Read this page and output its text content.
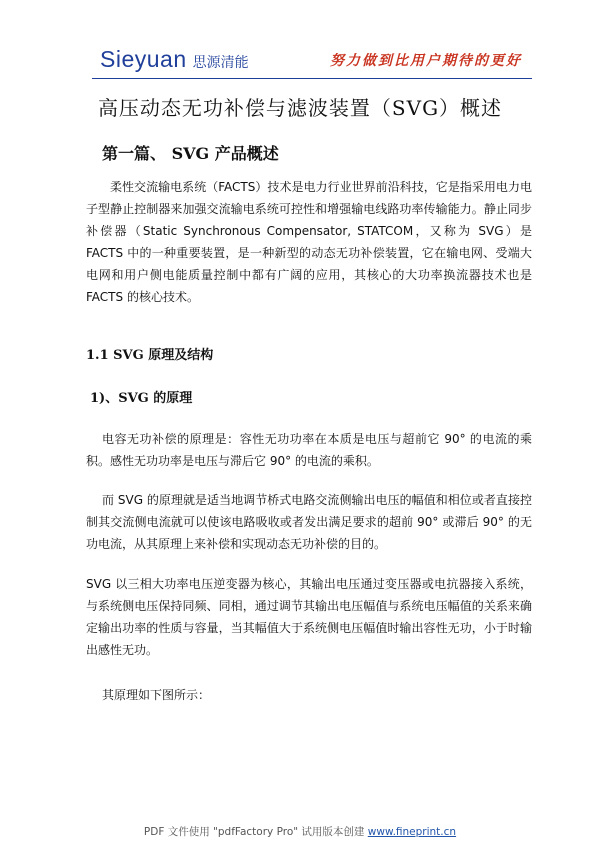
Sieyuan 思源清能	努力做到比用户期待的更好
高压动态无功补偿与滤波装置（SVG）概述
第一篇、 SVG 产品概述

柔性交流输电系统（FACTS）技术是电力行业世界前沿科技，它是指采用电力电子型静止控制器来加强交流输电系统可控性和增强输电线路功率传输能力。静止同步补偿器（Static Synchronous Compensator, STATCOM，又称为 SVG）是 FACTS 中的一种重要装置，是一种新型的动态无功补偿装置，它在输电网、受端大电网和用户侧电能质量控制中都有广阔的应用，其核心的大功率换流器技术也是 FACTS 的核心技术。

1.1 SVG 原理及结构
1)、SVG 的原理

电容无功补偿的原理是：容性无功功率在本质是电压与超前它 90° 的电流的乘积。感性无功功率是电压与滞后它 90° 的电流的乘积。

而 SVG 的原理就是适当地调节桥式电路交流侧输出电压的幅值和相位或者直接控制其交流侧电流就可以使该电路吸收或者发出满足要求的超前 90° 或滞后 90° 的无功电流，从其原理上来补偿和实现动态无功补偿的目的。

SVG 以三相大功率电压逆变器为核心，其输出电压通过变压器或电抗器接入系统，与系统侧电压保持同频、同相，通过调节其输出电压幅值与系统电压幅值的关系来确定输出功率的性质与容量，当其幅值大于系统侧电压幅值时输出容性无功，小于时输出感性无功。

其原理如下图所示：

PDF 文件使用 "pdfFactory Pro" 试用版本创建 www.fineprint.cn
